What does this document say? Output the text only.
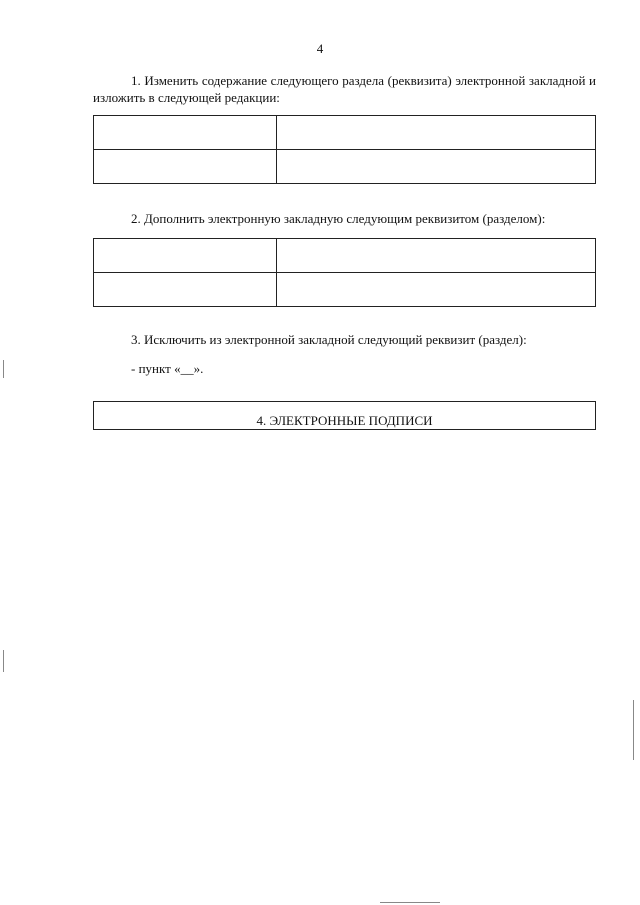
4
1. Изменить содержание следующего раздела (реквизита) электронной закладной и изложить в следующей редакции:

2. Дополнить электронную закладную следующим реквизитом (разделом):

3. Исключить из электронной закладной следующий реквизит (раздел):
- пункт «__».
4. ЭЛЕКТРОННЫЕ ПОДПИСИ
